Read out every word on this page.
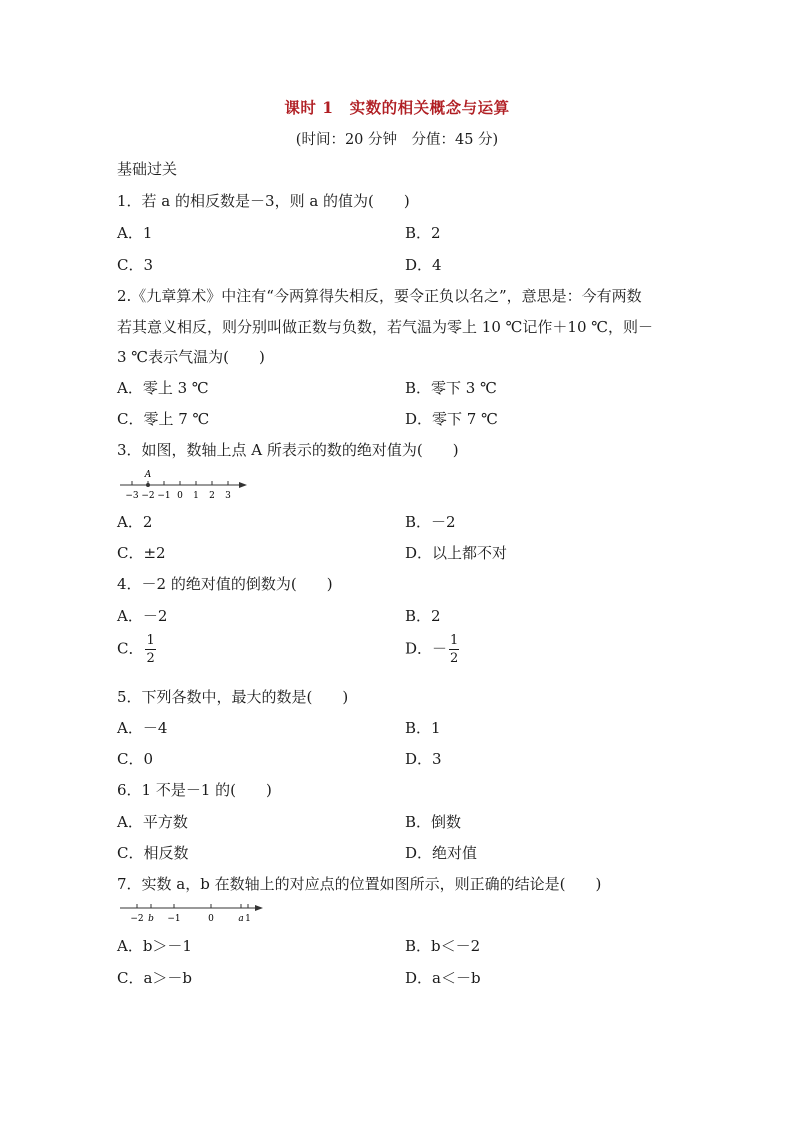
课时 1　实数的相关概念与运算
(时间：20 分钟　分值：45 分)
基础过关
1．若 a 的相反数是－3，则 a 的值为(　　)
A．1	B．2
C．3	D．4
2.《九章算术》中注有“今两算得失相反，要令正负以名之”，意思是：今有两数
若其意义相反，则分别叫做正数与负数，若气温为零上 10 ℃记作＋10 ℃，则－
3 ℃表示气温为(　　)
A．零上 3 ℃	B．零下 3 ℃
C．零上 7 ℃	D．零下 7 ℃
3．如图，数轴上点 A 所表示的数的绝对值为(　　)
A
−3 −2 −1 0 1 2 3
A．2	B．－2
C．±2	D．以上都不对
4．－2 的绝对值的倒数为(　　)
A．－2	B．2
C． $\frac{1}{2}$	D．－ $\frac{1}{2}$
5．下列各数中，最大的数是(　　)
A．－4	B．1
C．0	D．3
6．1 不是－1 的(　　)
A．平方数	B．倒数
C．相反数	D．绝对值
7．实数 a，b 在数轴上的对应点的位置如图所示，则正确的结论是(　　)
−2 b −1	0	a 1
A．b＞－1	B．b＜－2
C．a＞－b	D．a＜－b
